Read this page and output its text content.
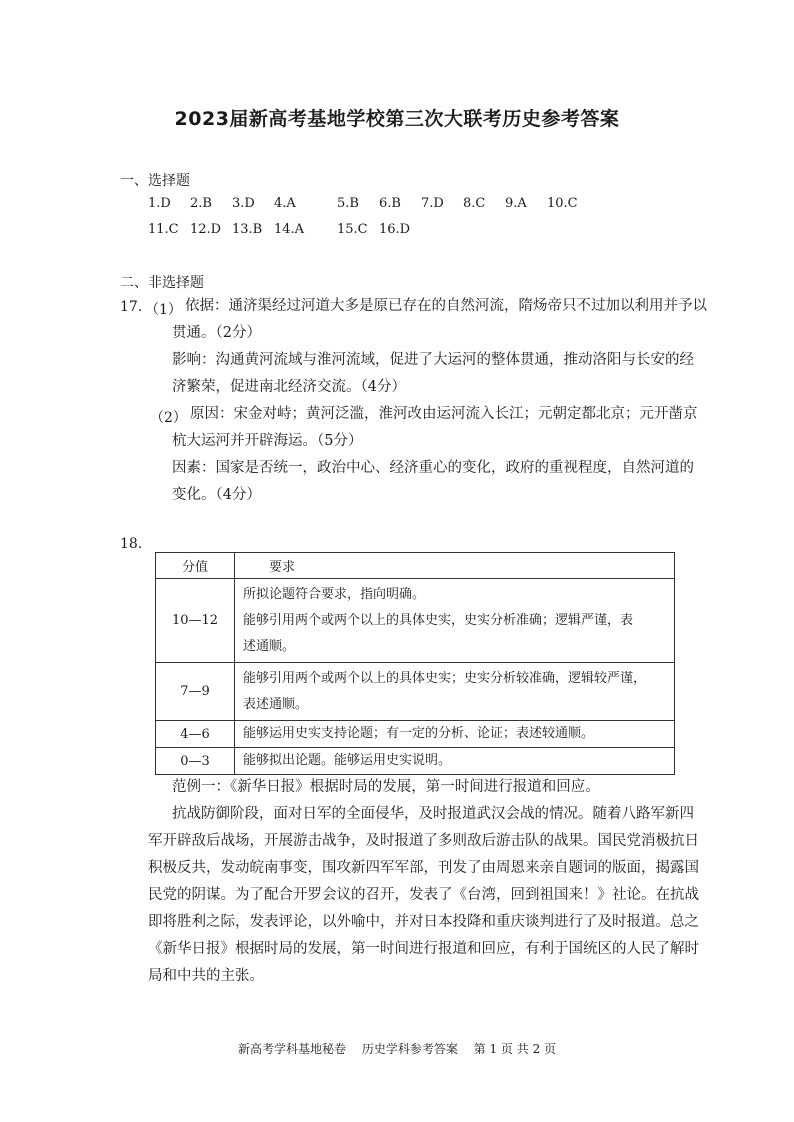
2023届新高考基地学校第三次大联考历史参考答案
一、选择题
1.D 2.B 3.D 4.A	5.B 6.B 7.D 8.C 9.A 10.C
11.C 12.D 13.B 14.A	15.C 16.D
二、非选择题
17. （1） 依据：通济渠经过河道大多是原已存在的自然河流，隋炀帝只不过加以利用并予以
贯通。（2分）
影响：沟通黄河流域与淮河流域，促进了大运河的整体贯通，推动洛阳与长安的经
济繁荣，促进南北经济交流。（4分）
（2） 原因：宋金对峙；黄河泛滥，淮河改由运河流入长江；元朝定都北京；元开凿京
杭大运河并开辟海运。（5分）
因素：国家是否统一，政治中心、经济重心的变化，政府的重视程度，自然河道的
变化。（4分）
18.
分值	要求
10—12	所拟论题符合要求，指向明确。
能够引用两个或两个以上的具体史实，史实分析准确；逻辑严谨，表
述通顺。

7—9	能够引用两个或两个以上的具体史实；史实分析较准确，逻辑较严谨，
表述通顺。

4—6	能够运用史实支持论题；有一定的分析、论证；表述较通顺。

0—3	能够拟出论题。能够运用史实说明。
范例一：《新华日报》根据时局的发展，第一时间进行报道和回应。
抗战防御阶段，面对日军的全面侵华，及时报道武汉会战的情况。随着八路军新四
军开辟敌后战场，开展游击战争，及时报道了多则敌后游击队的战果。国民党消极抗日
积极反共，发动皖南事变，围攻新四军军部，刊发了由周恩来亲自题词的版面，揭露国
民党的阴谋。为了配合开罗会议的召开，发表了《台湾，回到祖国来！》社论。在抗战
即将胜利之际，发表评论，以外喻中，并对日本投降和重庆谈判进行了及时报道。总之
《新华日报》根据时局的发展，第一时间进行报道和回应，有利于国统区的人民了解时
局和中共的主张。
新高考学科基地秘卷 历史学科参考答案 第 1 页 共 2 页
